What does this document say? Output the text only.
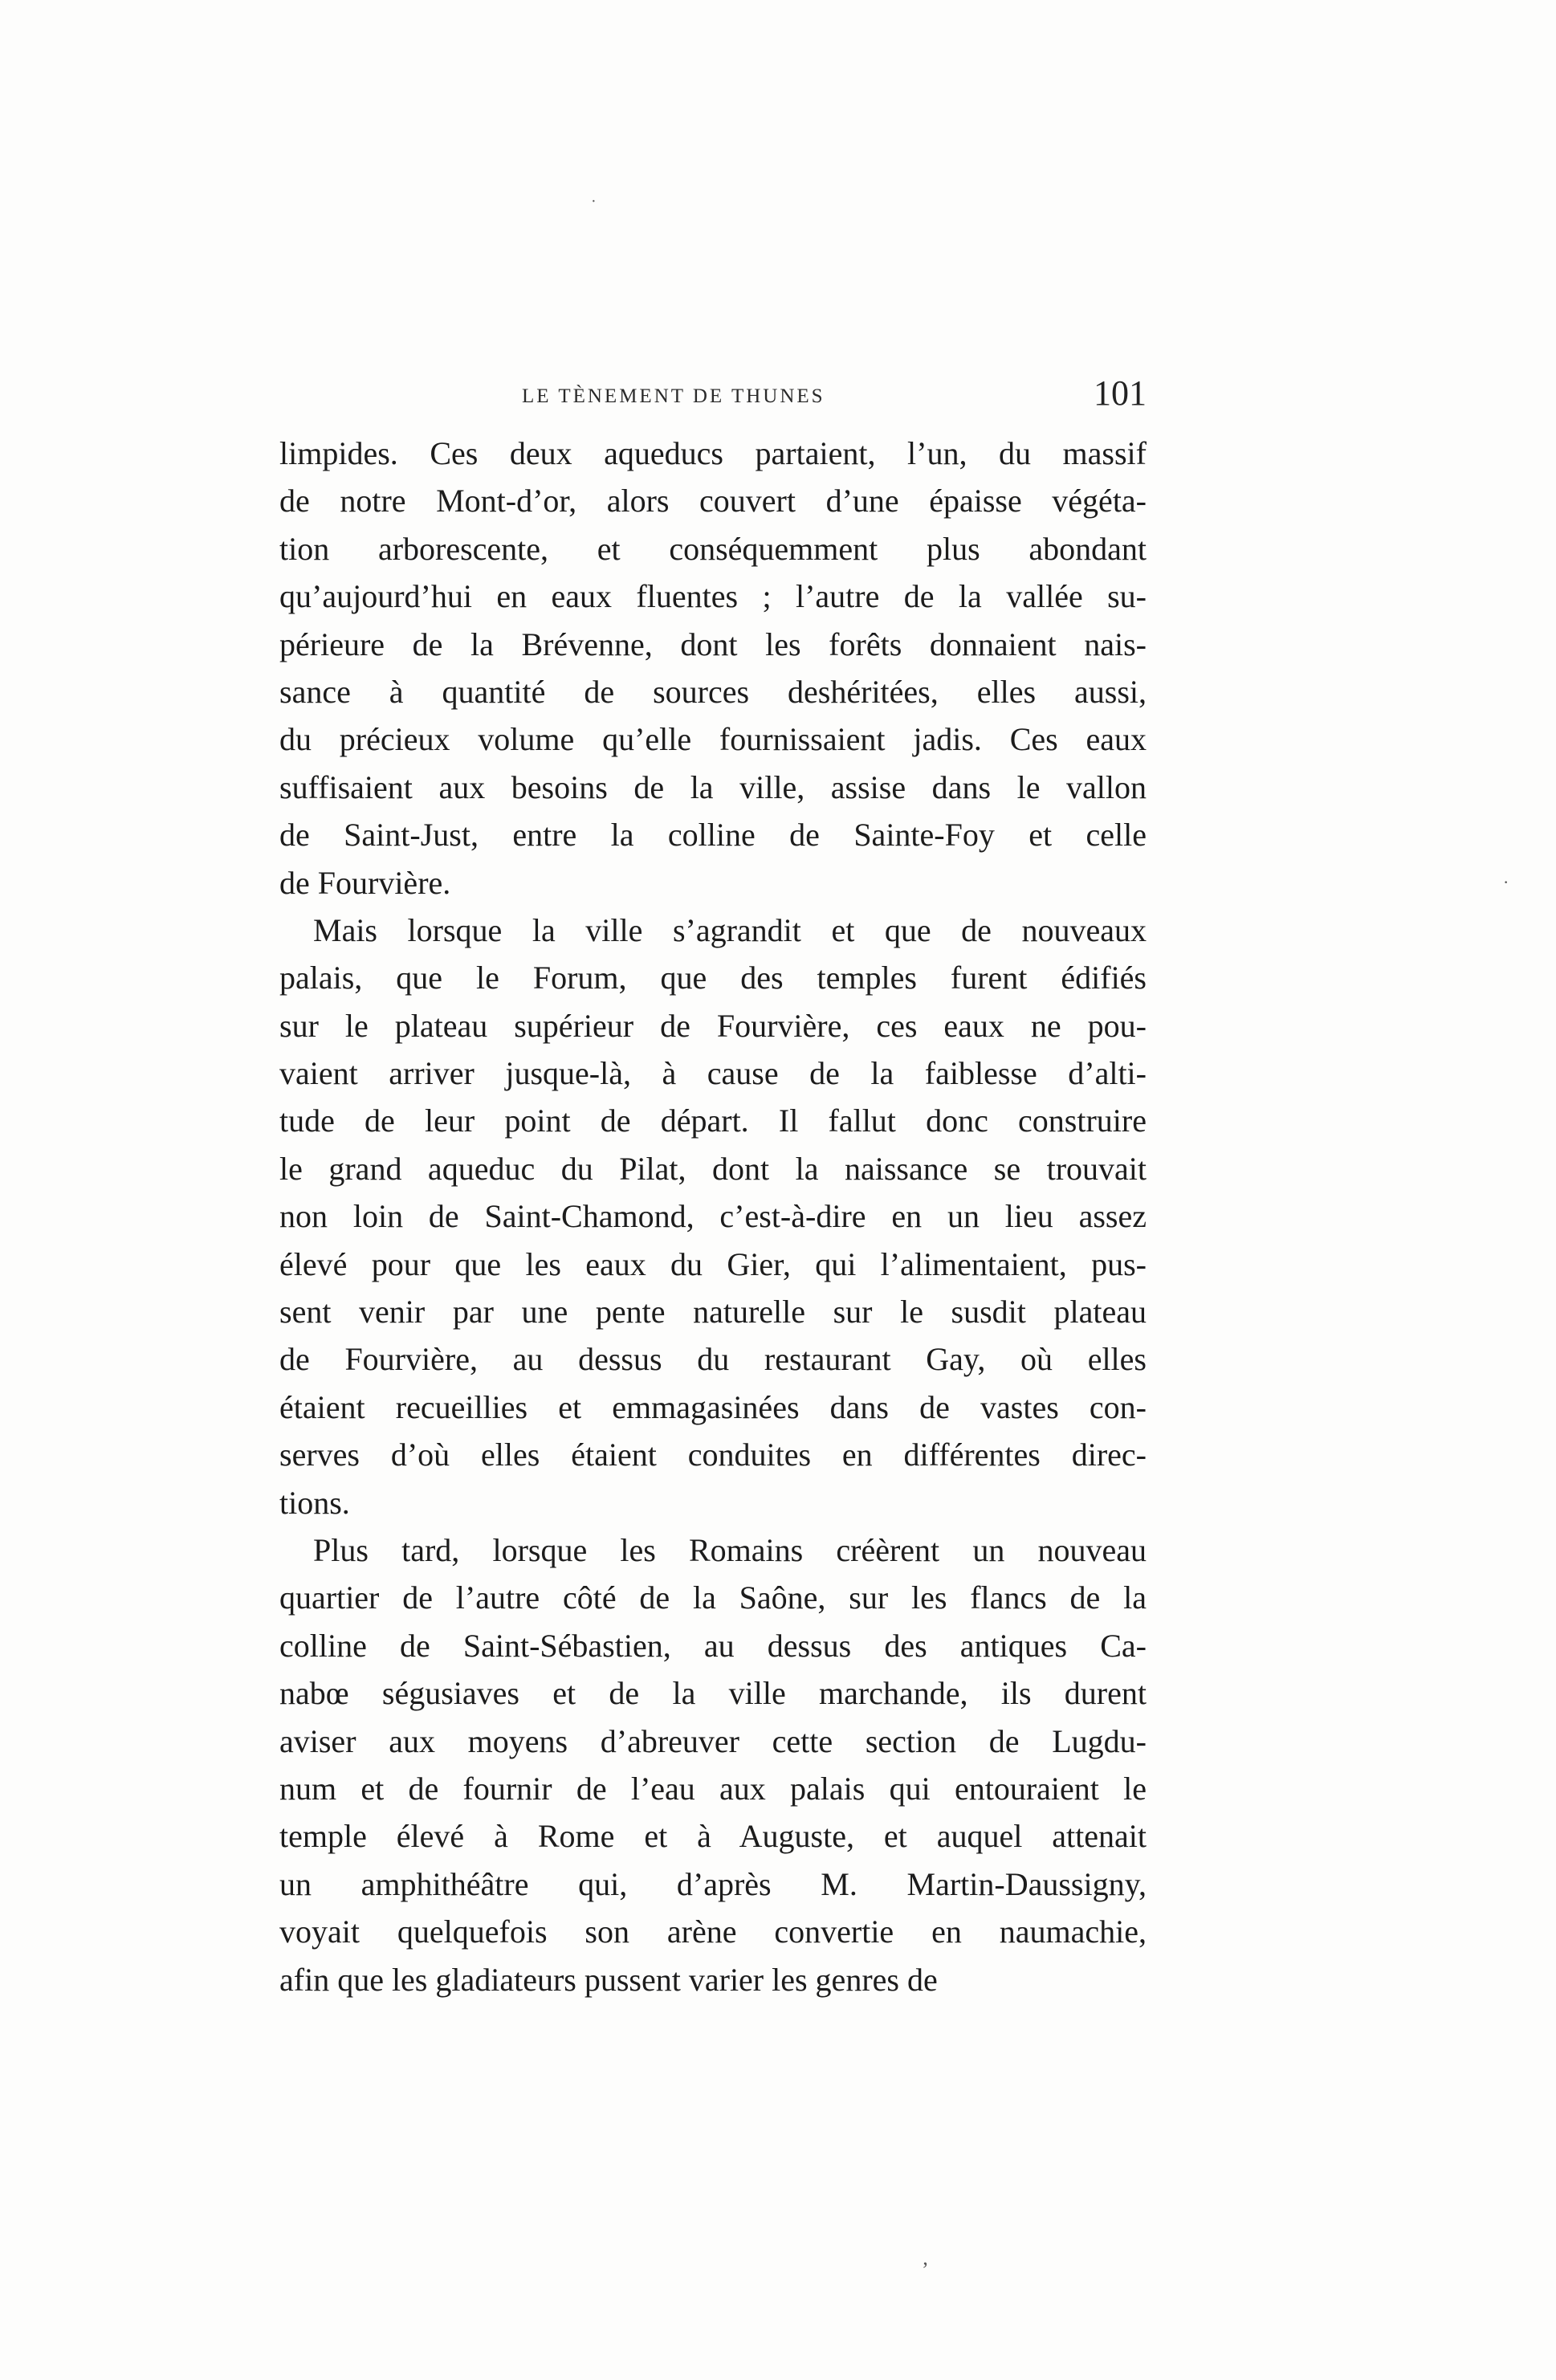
LE TÈNEMENT DE THUNES	101
limpides. Ces deux aqueducs partaient, l’un, du massif
de notre Mont-d’or, alors couvert d’une épaisse végéta-
tion arborescente, et conséquemment plus abondant
qu’aujourd’hui en eaux fluentes ; l’autre de la vallée su-
périeure de la Brévenne, dont les forêts donnaient nais-
sance à quantité de sources deshéritées, elles aussi,
du précieux volume qu’elle fournissaient jadis. Ces eaux
suffisaient aux besoins de la ville, assise dans le vallon
de Saint-Just, entre la colline de Sainte-Foy et celle
de Fourvière.
Mais lorsque la ville s’agrandit et que de nouveaux
palais, que le Forum, que des temples furent édifiés
sur le plateau supérieur de Fourvière, ces eaux ne pou-
vaient arriver jusque-là, à cause de la faiblesse d’alti-
tude de leur point de départ. Il fallut donc construire
le grand aqueduc du Pilat, dont la naissance se trouvait
non loin de Saint-Chamond, c’est-à-dire en un lieu assez
élevé pour que les eaux du Gier, qui l’alimentaient, pus-
sent venir par une pente naturelle sur le susdit plateau
de Fourvière, au dessus du restaurant Gay, où elles
étaient recueillies et emmagasinées dans de vastes con-
serves d’où elles étaient conduites en différentes direc-
tions.
Plus tard, lorsque les Romains créèrent un nouveau
quartier de l’autre côté de la Saône, sur les flancs de la
colline de Saint-Sébastien, au dessus des antiques Ca-
nabœ ségusiaves et de la ville marchande, ils durent
aviser aux moyens d’abreuver cette section de Lugdu-
num et de fournir de l’eau aux palais qui entouraient le
temple élevé à Rome et à Auguste, et auquel attenait
un amphithéâtre qui, d’après M. Martin-Daussigny,
voyait quelquefois son arène convertie en naumachie,
afin que les gladiateurs pussent varier les genres de
·
’
·
